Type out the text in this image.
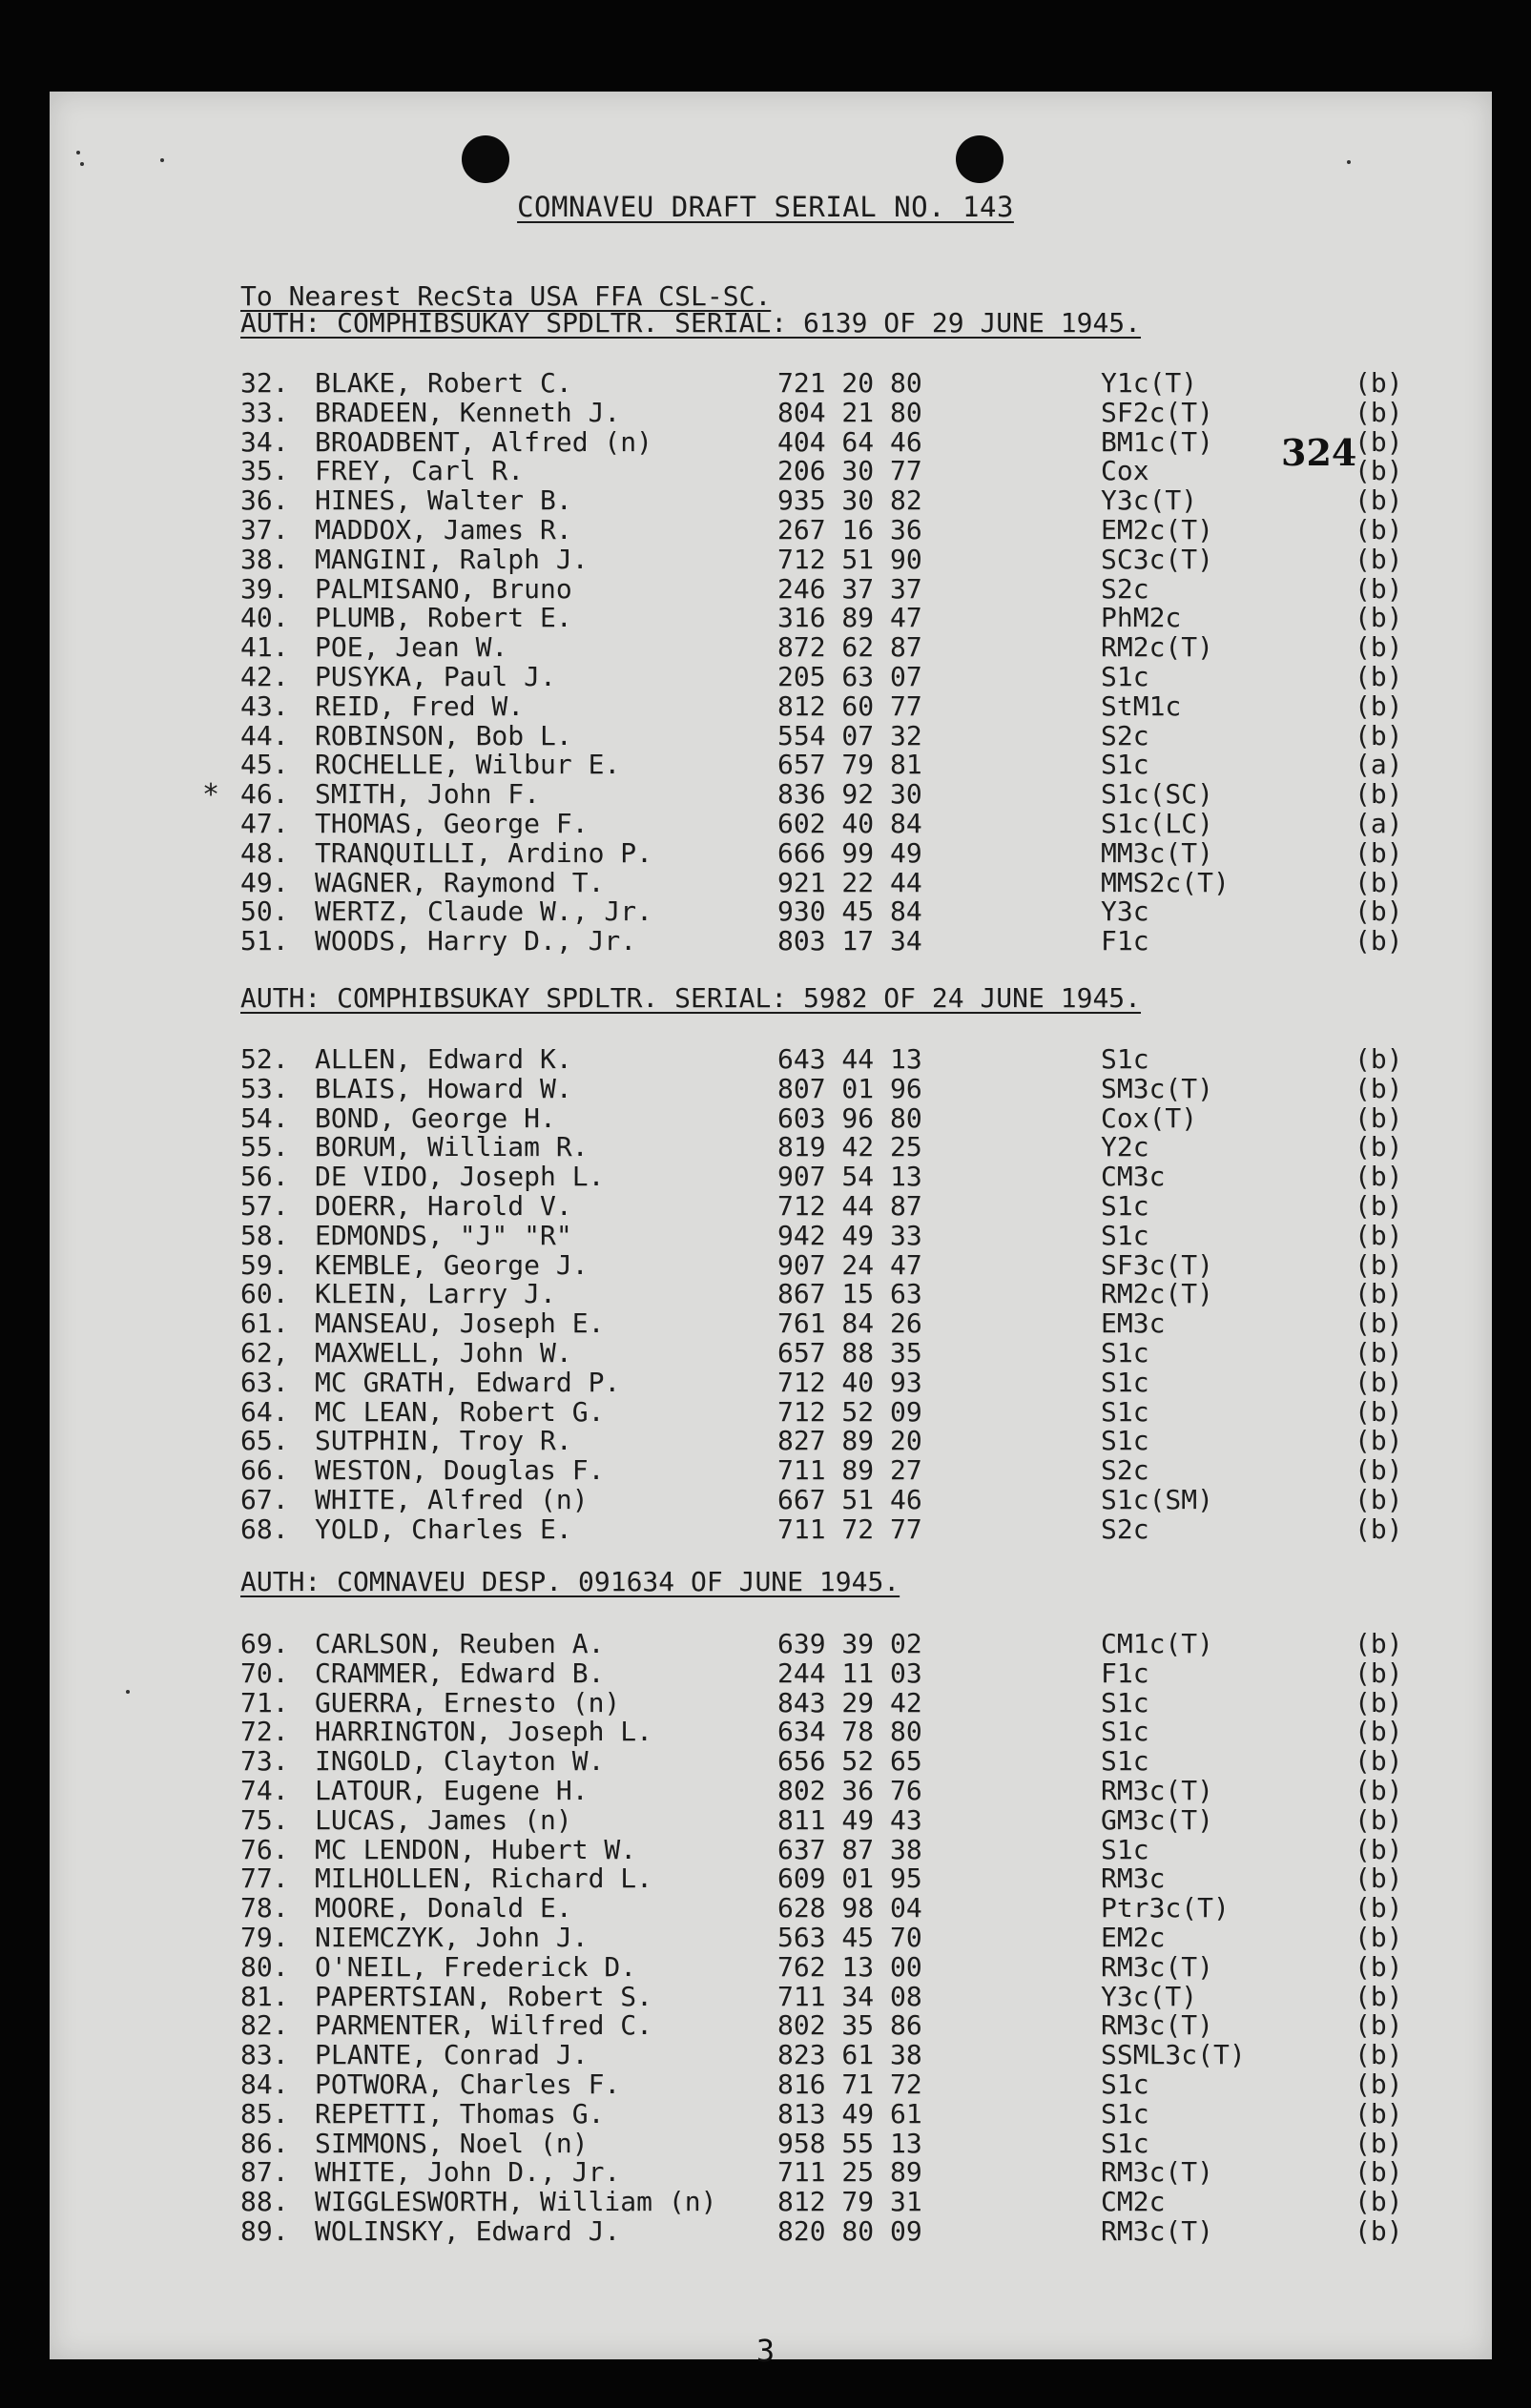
COMNAVEU DRAFT SERIAL NO. 143
To Nearest RecSta USA FFA CSL-SC.
324
AUTH: COMPHIBSUKAY SPDLTR. SERIAL: 6139 OF 29 JUNE 1945.
32. BLAKE, Robert C.	721 20 80	Y1c(T)	(b)
33. BRADEEN, Kenneth J.	804 21 80	SF2c(T)	(b)
34. BROADBENT, Alfred (n)	404 64 46	BM1c(T)	(b)
35. FREY, Carl R.	206 30 77	Cox	(b)
36. HINES, Walter B.	935 30 82	Y3c(T)	(b)
37. MADDOX, James R.	267 16 36	EM2c(T)	(b)
38. MANGINI, Ralph J.	712 51 90	SC3c(T)	(b)
39. PALMISANO, Bruno	246 37 37	S2c	(b)
40. PLUMB, Robert E.	316 89 47	PhM2c	(b)
41. POE, Jean W.	872 62 87	RM2c(T)	(b)
42. PUSYKA, Paul J.	205 63 07	S1c	(b)
43. REID, Fred W.	812 60 77	StM1c	(b)
44. ROBINSON, Bob L.	554 07 32	S2c	(b)
45. ROCHELLE, Wilbur E.	657 79 81	S1c	(a)
* 46. SMITH, John F.	836 92 30	S1c(SC)	(b)
47. THOMAS, George F.	602 40 84	S1c(LC)	(a)
48. TRANQUILLI, Ardino P.	666 99 49	MM3c(T)	(b)
49. WAGNER, Raymond T.	921 22 44	MMS2c(T)	(b)
50. WERTZ, Claude W., Jr.	930 45 84	Y3c	(b)
51. WOODS, Harry D., Jr.	803 17 34	F1c	(b)
AUTH: COMPHIBSUKAY SPDLTR. SERIAL: 5982 OF 24 JUNE 1945.
52. ALLEN, Edward K.	643 44 13	S1c	(b)
53. BLAIS, Howard W.	807 01 96	SM3c(T)	(b)
54. BOND, George H.	603 96 80	Cox(T)	(b)
55. BORUM, William R.	819 42 25	Y2c	(b)
56. DE VIDO, Joseph L.	907 54 13	CM3c	(b)
57. DOERR, Harold V.	712 44 87	S1c	(b)
58. EDMONDS, "J" "R"	942 49 33	S1c	(b)
59. KEMBLE, George J.	907 24 47	SF3c(T)	(b)
60. KLEIN, Larry J.	867 15 63	RM2c(T)	(b)
61. MANSEAU, Joseph E.	761 84 26	EM3c	(b)
62, MAXWELL, John W.	657 88 35	S1c	(b)
63. MC GRATH, Edward P.	712 40 93	S1c	(b)
64. MC LEAN, Robert G.	712 52 09	S1c	(b)
65. SUTPHIN, Troy R.	827 89 20	S1c	(b)
66. WESTON, Douglas F.	711 89 27	S2c	(b)
67. WHITE, Alfred (n)	667 51 46	S1c(SM)	(b)
68. YOLD, Charles E.	711 72 77	S2c	(b)
AUTH: COMNAVEU DESP. 091634 OF JUNE 1945.
69. CARLSON, Reuben A.	639 39 02	CM1c(T)	(b)
70. CRAMMER, Edward B.	244 11 03	F1c	(b)
71. GUERRA, Ernesto (n)	843 29 42	S1c	(b)
72. HARRINGTON, Joseph L.	634 78 80	S1c	(b)
73. INGOLD, Clayton W.	656 52 65	S1c	(b)
74. LATOUR, Eugene H.	802 36 76	RM3c(T)	(b)
75. LUCAS, James (n)	811 49 43	GM3c(T)	(b)
76. MC LENDON, Hubert W.	637 87 38	S1c	(b)
77. MILHOLLEN, Richard L.	609 01 95	RM3c	(b)
78. MOORE, Donald E.	628 98 04	Ptr3c(T)	(b)
79. NIEMCZYK, John J.	563 45 70	EM2c	(b)
80. O'NEIL, Frederick D.	762 13 00	RM3c(T)	(b)
81. PAPERTSIAN, Robert S.	711 34 08	Y3c(T)	(b)
82. PARMENTER, Wilfred C.	802 35 86	RM3c(T)	(b)
83. PLANTE, Conrad J.	823 61 38	SSML3c(T)	(b)
84. POTWORA, Charles F.	816 71 72	S1c	(b)
85. REPETTI, Thomas G.	813 49 61	S1c	(b)
86. SIMMONS, Noel (n)	958 55 13	S1c	(b)
87. WHITE, John D., Jr.	711 25 89	RM3c(T)	(b)
88. WIGGLESWORTH, William (n) 812 79 31	CM2c	(b)
89. WOLINSKY, Edward J.	820 80 09	RM3c(T)	(b)
3
